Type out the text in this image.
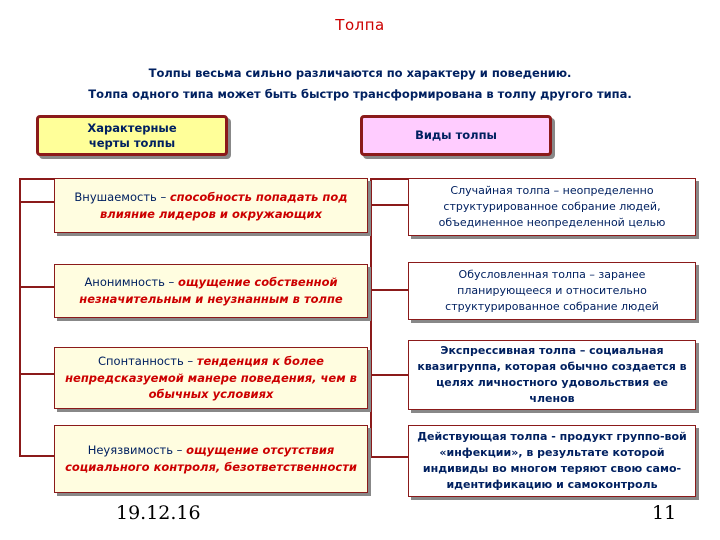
Толпа
Толпы весьма сильно различаются по характеру и поведению.
Толпа одного типа может быть быстро трансформирована в толпу другого типа.
Характерные черты толпы
Виды толпы
Внушаемость – способность попадать под влияние лидеров и окружающих
Анонимность – ощущение собственной незначительным и неузнанным в толпе
Спонтанность – тенденция к более непредсказуемой манере поведения, чем в обычных условиях
Неуязвимость – ощущение отсутствия социального контроля, безответственности
Случайная толпа – неопределенно структурированное собрание людей, объединенное неопределенной целью
Обусловленная толпа – заранее планирующееся и относительно структурированное собрание людей
Экспрессивная толпа – социальная квазигруппа, которая обычно создается в целях личностного удовольствия ее членов
Действующая толпа - продукт группо-вой «инфекции», в результате которой индивиды во многом теряют свою само-идентификацию и самоконтроль
19.12.16	11
